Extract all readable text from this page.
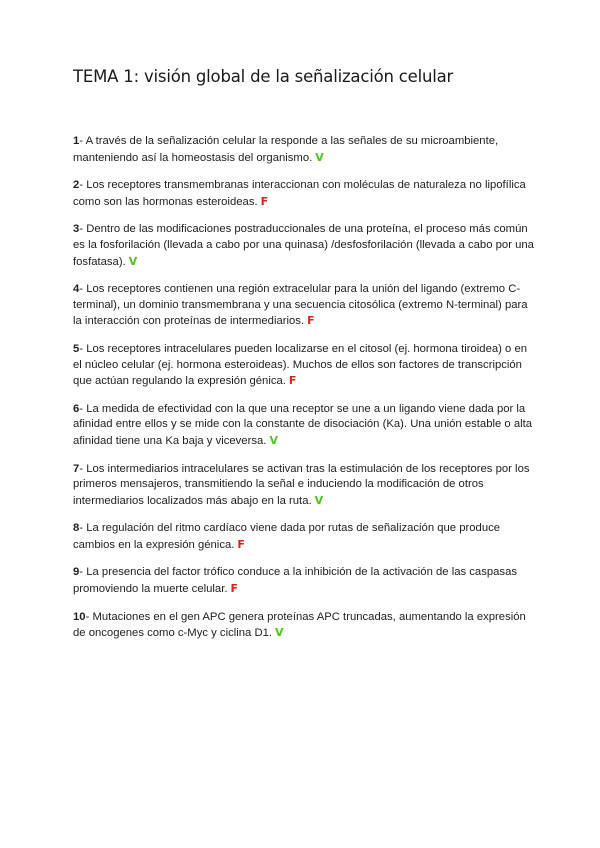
TEMA 1: visión global de la señalización celular
1- A través de la señalización celular la responde a las señales de su microambiente, manteniendo así la homeostasis del organismo. V
2- Los receptores transmembranas interaccionan con moléculas de naturaleza no lipofílica como son las hormonas esteroideas. F
3- Dentro de las modificaciones postraduccionales de una proteína, el proceso más común es la fosforilación (llevada a cabo por una quinasa) /desfosforilación (llevada a cabo por una fosfatasa). V
4- Los receptores contienen una región extracelular para la unión del ligando (extremo C-terminal), un dominio transmembrana y una secuencia citosólica (extremo N-terminal) para la interacción con proteínas de intermediarios. F
5- Los receptores intracelulares pueden localizarse en el citosol (ej. hormona tiroidea) o en el núcleo celular (ej. hormona esteroideas). Muchos de ellos son factores de transcripción que actúan regulando la expresión génica. F
6- La medida de efectividad con la que una receptor se une a un ligando viene dada por la afinidad entre ellos y se mide con la constante de disociación (Ka). Una unión estable o alta afinidad tiene una Ka baja y viceversa. V
7- Los intermediarios intracelulares se activan tras la estimulación de los receptores por los primeros mensajeros, transmitiendo la señal e induciendo la modificación de otros intermediarios localizados más abajo en la ruta. V
8- La regulación del ritmo cardíaco viene dada por rutas de señalización que produce cambios en la expresión génica. F
9- La presencia del factor trófico conduce a la inhibición de la activación de las caspasas promoviendo la muerte celular. F
10- Mutaciones en el gen APC genera proteínas APC truncadas, aumentando la expresión de oncogenes como c-Myc y ciclina D1. V
